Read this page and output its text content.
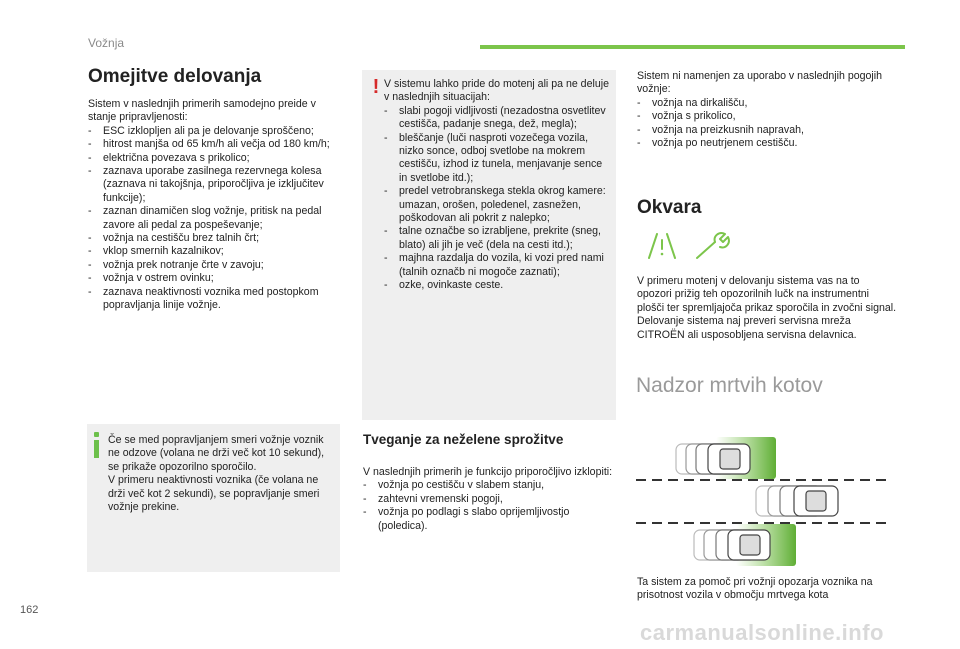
Vožnja
Omejitve delovanja

Sistem v naslednjih primerih samodejno preide v stanje pripravljenosti:

- ESC izklopljen ali pa je delovanje sproščeno;
- hitrost manjša od 65 km/h ali večja od 180 km/h;
- električna povezava s prikolico;
- zaznava uporabe zasilnega rezervnega kolesa (zaznava ni takojšnja, priporočljiva je izključitev funkcije);
- zaznan dinamičen slog vožnje, pritisk na pedal zavore ali pedal za pospeševanje;
- vožnja na cestišču brez talnih črt;
- vklop smernih kazalnikov;
- vožnja prek notranje črte v zavoju;
- vožnja v ostrem ovinku;
- zaznava neaktivnosti voznika med postopkom popravljanja linije vožnje.
Če se med popravljanjem smeri vožnje voznik ne odzove (volana ne drži več kot 10 sekund), se prikaže opozorilno sporočilo.
V primeru neaktivnosti voznika (če volana ne drži več kot 2 sekundi), se popravljanje smeri vožnje prekine.
! V sistemu lahko pride do motenj ali pa ne deluje v naslednjih situacijah:

- slabi pogoji vidljivosti (nezadostna osvetlitev cestišča, padanje snega, dež, megla);
- bleščanje (luči nasproti vozečega vozila, nizko sonce, odboj svetlobe na mokrem cestišču, izhod iz tunela, menjavanje sence in svetlobe itd.);
- predel vetrobranskega stekla okrog kamere: umazan, orošen, poledenel, zasnežen, poškodovan ali pokrit z nalepko;
- talne označbe so izrabljene, prekrite (sneg, blato) ali jih je več (dela na cesti itd.);
- majhna razdalja do vozila, ki vozi pred nami (talnih označb ni mogoče zaznati);
- ozke, ovinkaste ceste.
Tveganje za neželene sprožitve

V naslednjih primerih je funkcijo priporočljivo izklopiti:

- vožnja po cestišču v slabem stanju,
- zahtevni vremenski pogoji,
- vožnja po podlagi s slabo oprijemljivostjo (poledica).

Sistem ni namenjen za uporabo v naslednjih pogojih vožnje:

- vožnja na dirkališču,
- vožnja s prikolico,
- vožnja na preizkusnih napravah,
- vožnja po neutrjenem cestišču.
Okvara
V primeru motenj v delovanju sistema vas na to opozori prižig teh opozorilnih lučk na instrumentni plošči ter spremljajoča prikaz sporočila in zvočni signal.
Delovanje sistema naj preveri servisna mreža CITROËN ali usposobljena servisna delavnica.
Nadzor mrtvih kotov
Ta sistem za pomoč pri vožnji opozarja voznika na prisotnost vozila v območju mrtvega kota
162
carmanualsonline.info
